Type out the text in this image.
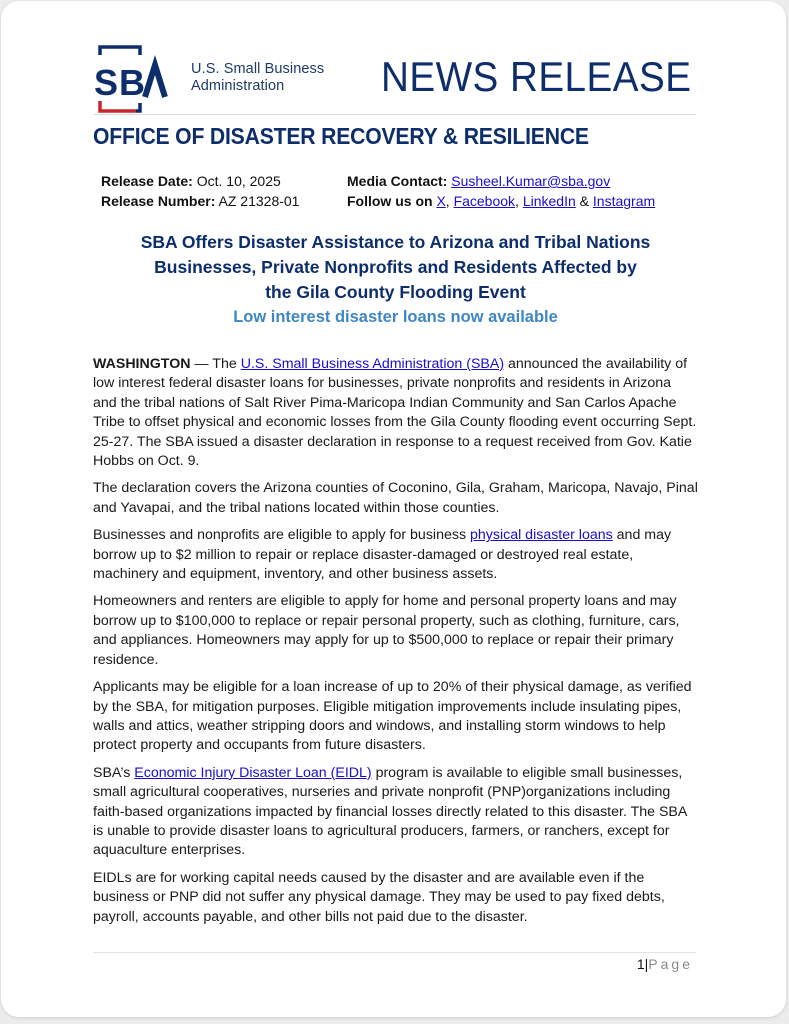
SB	U.S. Small Business
Administration	NEWS RELEASE
OFFICE OF DISASTER RECOVERY & RESILIENCE
Release Date: Oct. 10, 2025
Release Number: AZ 21328-01
Media Contact: Susheel.Kumar@sba.gov
Follow us on X, Facebook, LinkedIn & Instagram
SBA Offers Disaster Assistance to Arizona and Tribal Nations
Businesses, Private Nonprofits and Residents Affected by
the Gila County Flooding Event
Low interest disaster loans now available

WASHINGTON — The U.S. Small Business Administration (SBA) announced the availability of low interest federal disaster loans for businesses, private nonprofits and residents in Arizona and the tribal nations of Salt River Pima-Maricopa Indian Community and San Carlos Apache Tribe to offset physical and economic losses from the Gila County flooding event occurring Sept. 25-27. The SBA issued a disaster declaration in response to a request received from Gov. Katie Hobbs on Oct. 9.

The declaration covers the Arizona counties of Coconino, Gila, Graham, Maricopa, Navajo, Pinal and Yavapai, and the tribal nations located within those counties.

Businesses and nonprofits are eligible to apply for business physical disaster loans and may borrow up to $2 million to repair or replace disaster-damaged or destroyed real estate, machinery and equipment, inventory, and other business assets.

Homeowners and renters are eligible to apply for home and personal property loans and may borrow up to $100,000 to replace or repair personal property, such as clothing, furniture, cars, and appliances. Homeowners may apply for up to $500,000 to replace or repair their primary residence.

Applicants may be eligible for a loan increase of up to 20% of their physical damage, as verified by the SBA, for mitigation purposes. Eligible mitigation improvements include insulating pipes, walls and attics, weather stripping doors and windows, and installing storm windows to help protect property and occupants from future disasters.

SBA’s Economic Injury Disaster Loan (EIDL) program is available to eligible small businesses, small agricultural cooperatives, nurseries and private nonprofit (PNP)organizations including faith-based organizations impacted by financial losses directly related to this disaster. The SBA is unable to provide disaster loans to agricultural producers, farmers, or ranchers, except for aquaculture enterprises.

EIDLs are for working capital needs caused by the disaster and are available even if the business or PNP did not suffer any physical damage. They may be used to pay fixed debts, payroll, accounts payable, and other bills not paid due to the disaster.

1|Page
